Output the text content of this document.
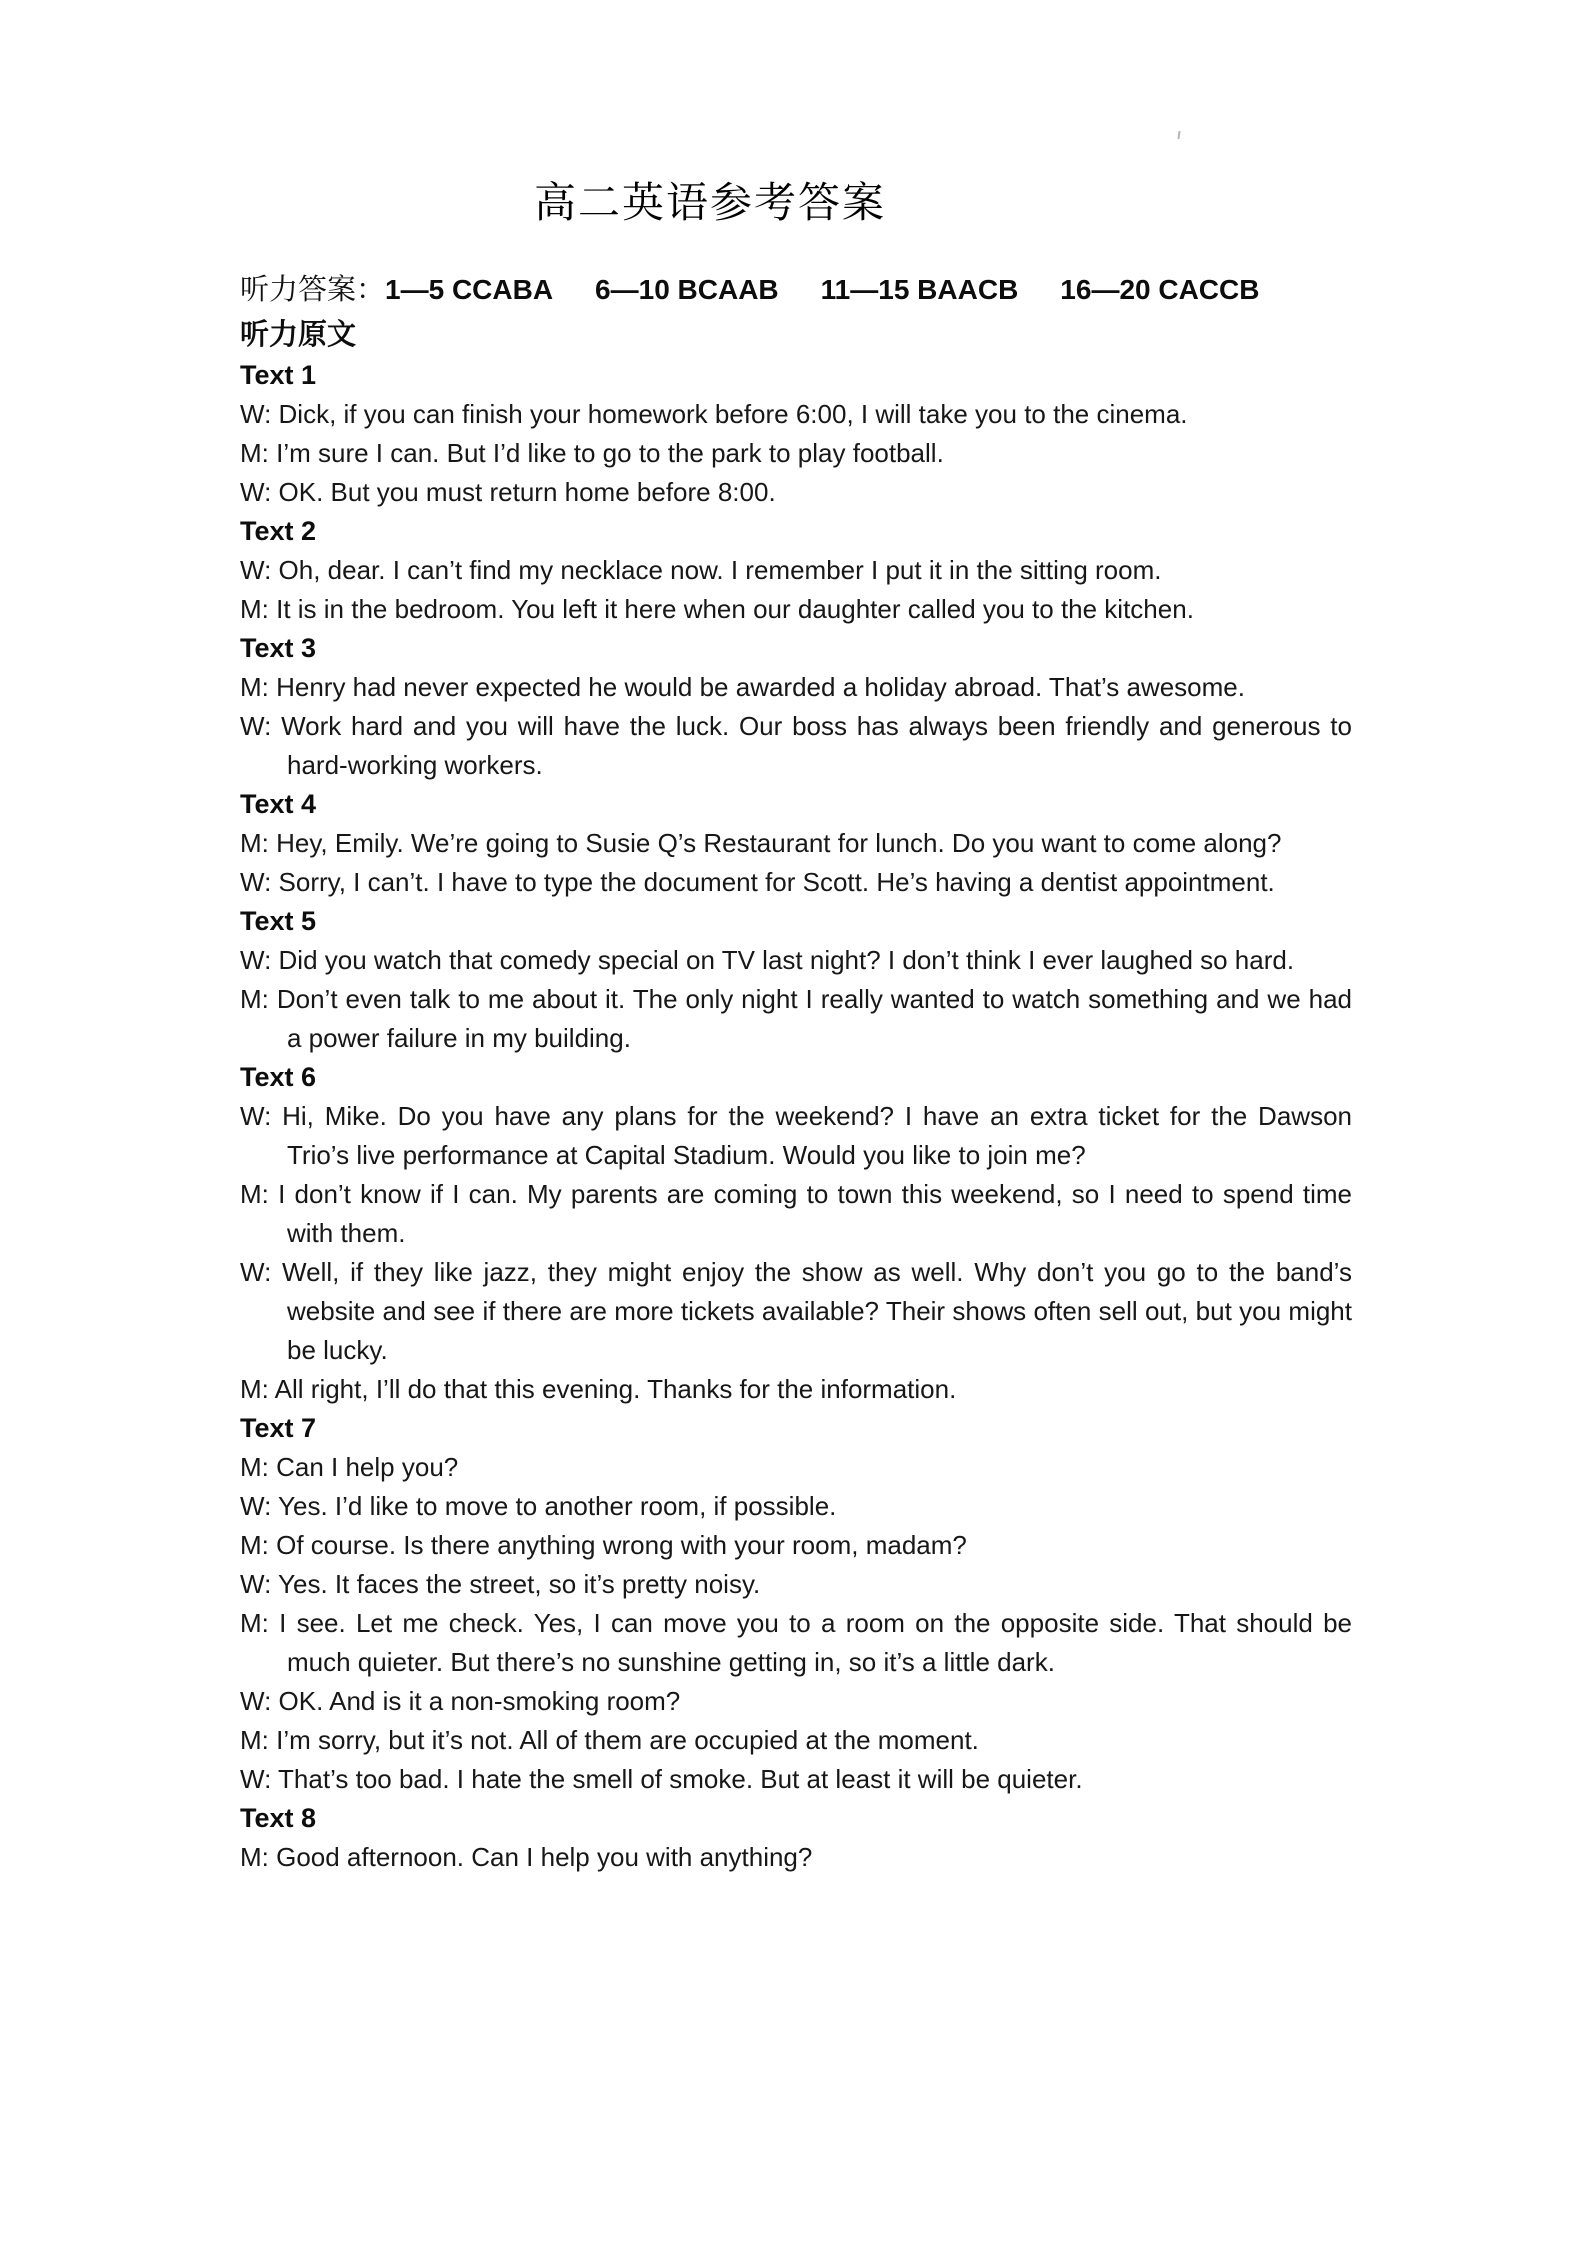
高二英语参考答案
听力答案：1—5 CCABA 6—10 BCAAB 11—15 BAACB 16—20 CACCB
听力原文
Text 1
W: Dick, if you can finish your homework before 6:00, I will take you to the cinema.
M: I’m sure I can. But I’d like to go to the park to play football.
W: OK. But you must return home before 8:00.
Text 2
W: Oh, dear. I can’t find my necklace now. I remember I put it in the sitting room.
M: It is in the bedroom. You left it here when our daughter called you to the kitchen.
Text 3
M: Henry had never expected he would be awarded a holiday abroad. That’s awesome.
W: Work hard and you will have the luck. Our boss has always been friendly and generous to hard-working workers.
Text 4
M: Hey, Emily. We’re going to Susie Q’s Restaurant for lunch. Do you want to come along?
W: Sorry, I can’t. I have to type the document for Scott. He’s having a dentist appointment.
Text 5
W: Did you watch that comedy special on TV last night? I don’t think I ever laughed so hard.
M: Don’t even talk to me about it. The only night I really wanted to watch something and we had a power failure in my building.
Text 6
W: Hi, Mike. Do you have any plans for the weekend? I have an extra ticket for the Dawson Trio’s live performance at Capital Stadium. Would you like to join me?
M: I don’t know if I can. My parents are coming to town this weekend, so I need to spend time with them.
W: Well, if they like jazz, they might enjoy the show as well. Why don’t you go to the band’s website and see if there are more tickets available? Their shows often sell out, but you might be lucky.
M: All right, I’ll do that this evening. Thanks for the information.
Text 7
M: Can I help you?
W: Yes. I’d like to move to another room, if possible.
M: Of course. Is there anything wrong with your room, madam?
W: Yes. It faces the street, so it’s pretty noisy.
M: I see. Let me check. Yes, I can move you to a room on the opposite side. That should be much quieter. But there’s no sunshine getting in, so it’s a little dark.
W: OK. And is it a non-smoking room?
M: I’m sorry, but it’s not. All of them are occupied at the moment.
W: That’s too bad. I hate the smell of smoke. But at least it will be quieter.
Text 8
M: Good afternoon. Can I help you with anything?
